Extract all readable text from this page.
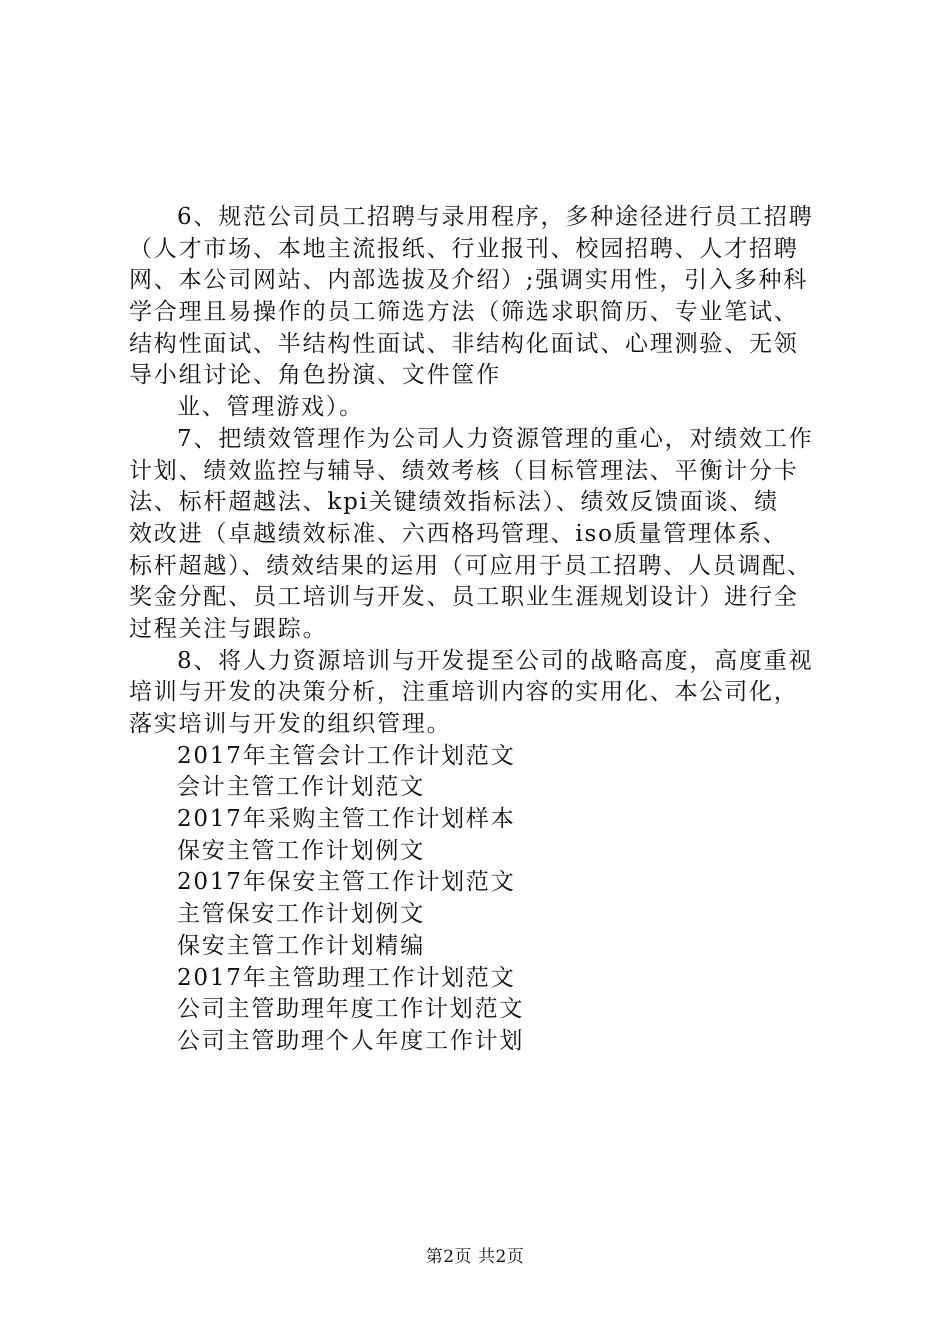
6、规范公司员工招聘与录用程序，多种途径进行员工招聘
（人才市场、本地主流报纸、行业报刊、校园招聘、人才招聘
网、本公司网站、内部选拔及介绍）;强调实用性，引入多种科
学合理且易操作的员工筛选方法（筛选求职简历、专业笔试、
结构性面试、半结构性面试、非结构化面试、心理测验、无领
导小组讨论、角色扮演、文件筐作
业、管理游戏）。
7、把绩效管理作为公司人力资源管理的重心，对绩效工作
计划、绩效监控与辅导、绩效考核（目标管理法、平衡计分卡
法、标杆超越法、kpi关键绩效指标法）、绩效反馈面谈、绩
效改进（卓越绩效标准、六西格玛管理、iso质量管理体系、
标杆超越）、绩效结果的运用（可应用于员工招聘、人员调配、
奖金分配、员工培训与开发、员工职业生涯规划设计）进行全
过程关注与跟踪。
8、将人力资源培训与开发提至公司的战略高度，高度重视
培训与开发的决策分析，注重培训内容的实用化、本公司化，
落实培训与开发的组织管理。
2017年主管会计工作计划范文
会计主管工作计划范文
2017年采购主管工作计划样本
保安主管工作计划例文
2017年保安主管工作计划范文
主管保安工作计划例文
保安主管工作计划精编
2017年主管助理工作计划范文
公司主管助理年度工作计划范文
公司主管助理个人年度工作计划
第2页 共2页
